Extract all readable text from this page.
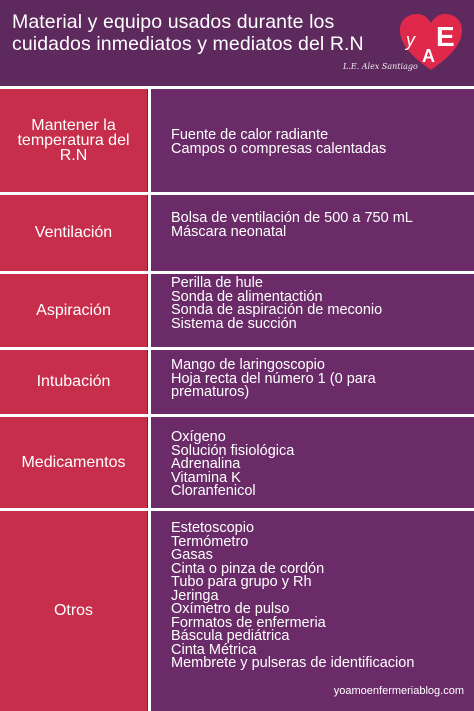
Material y equipo usados durante los cuidados inmediatos y mediatos del R.N	y
A
E
L.E. Alex Santiago
Mantener la temperatura del R.N
Fuente de calor radiante
Campos o compresas calentadas
Ventilación
Bolsa de ventilación de 500 a 750 mL
Máscara neonatal
Aspiración
Perilla de hule
Sonda de alimentactión
Sonda de aspiración de meconio
Sistema de succión
Intubación
Mango de laringoscopio
Hoja recta del número 1 (0 para prematuros)
Medicamentos
Oxígeno
Solución fisiológica
Adrenalina
Vitamina K
Cloranfenicol
Otros
Estetoscopio
Termómetro
Gasas
Cinta o pinza de cordón
Tubo para grupo y Rh
Jeringa
Oxímetro de pulso
Formatos de enfermeria
Báscula pediátrica
Cinta Métrica
Membrete y pulseras de identificacion
yoamoenfermeriablog.com
